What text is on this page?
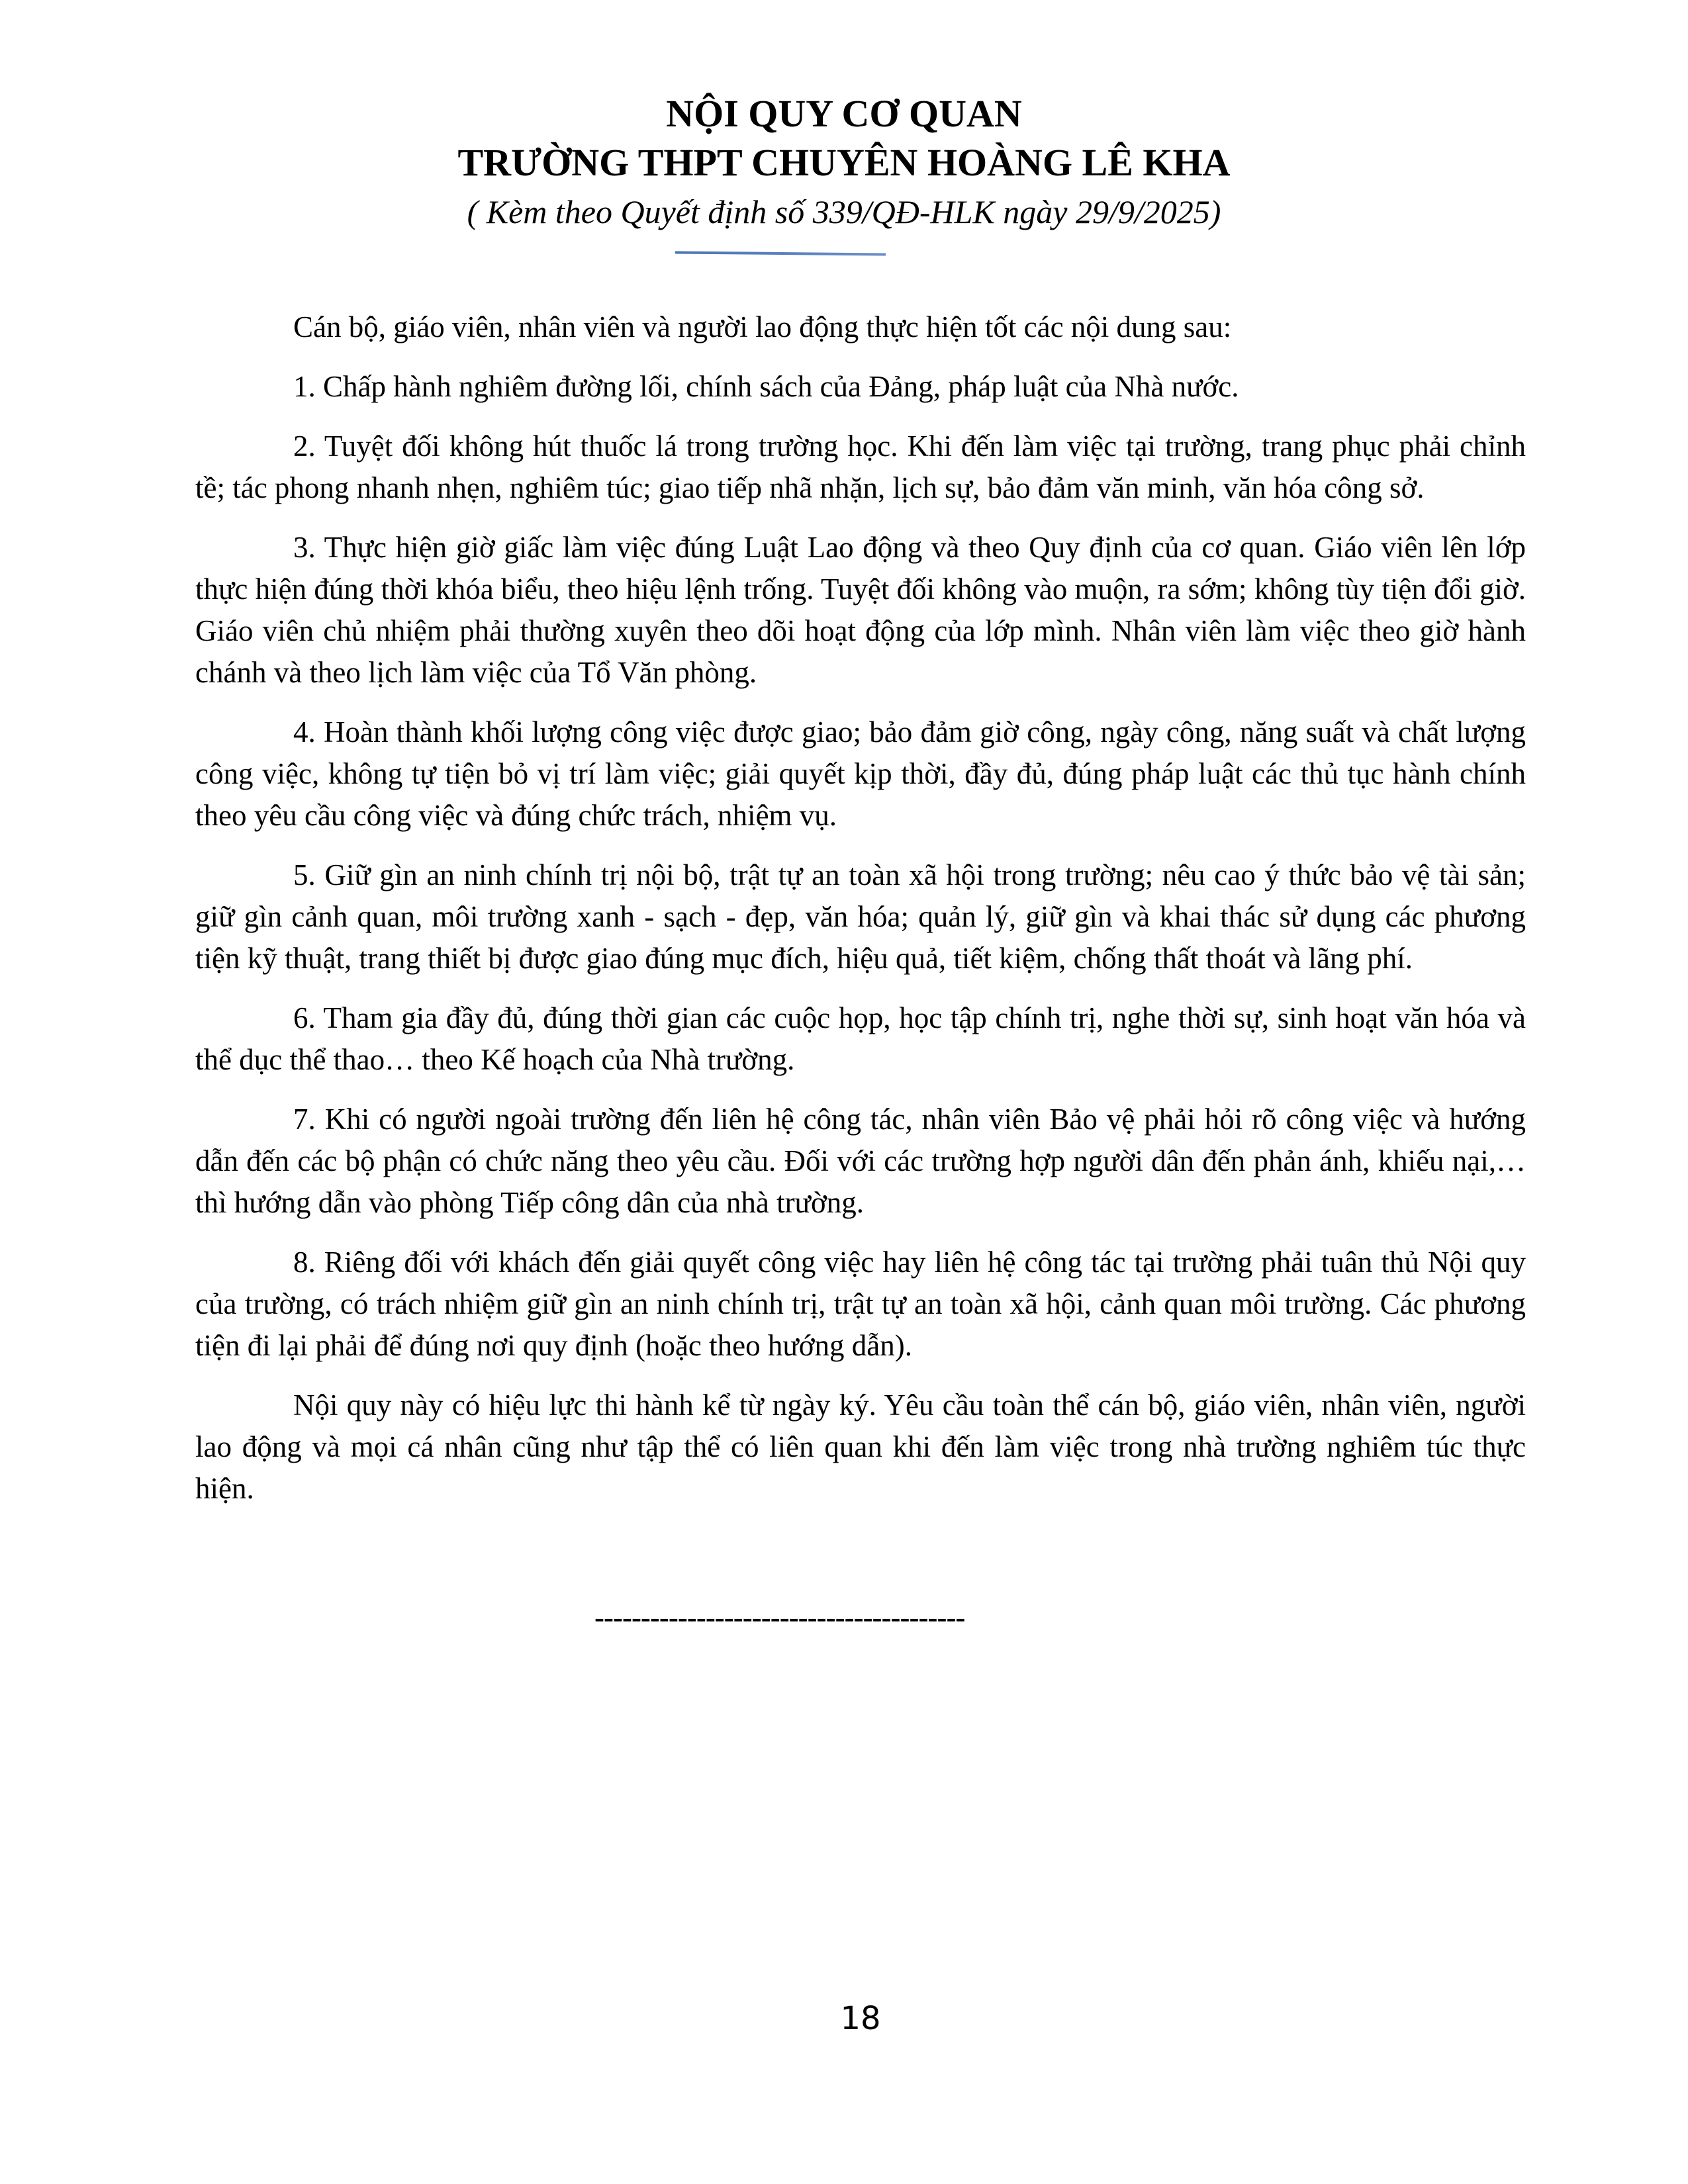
NỘI QUY CƠ QUAN
TRƯỜNG THPT CHUYÊN HOÀNG LÊ KHA
( Kèm theo Quyết định số 339/QĐ-HLK ngày 29/9/2025)

Cán bộ, giáo viên, nhân viên và người lao động thực hiện tốt các nội dung sau:

1. Chấp hành nghiêm đường lối, chính sách của Đảng, pháp luật của Nhà nước.

2. Tuyệt đối không hút thuốc lá trong trường học. Khi đến làm việc tại trường, trang phục phải chỉnh tề; tác phong nhanh nhẹn, nghiêm túc; giao tiếp nhã nhặn, lịch sự, bảo đảm văn minh, văn hóa công sở.

3. Thực hiện giờ giấc làm việc đúng Luật Lao động và theo Quy định của cơ quan. Giáo viên lên lớp thực hiện đúng thời khóa biểu, theo hiệu lệnh trống. Tuyệt đối không vào muộn, ra sớm; không tùy tiện đổi giờ. Giáo viên chủ nhiệm phải thường xuyên theo dõi hoạt động của lớp mình. Nhân viên làm việc theo giờ hành chánh và theo lịch làm việc của Tổ Văn phòng.

4. Hoàn thành khối lượng công việc được giao; bảo đảm giờ công, ngày công, năng suất và chất lượng công việc, không tự tiện bỏ vị trí làm việc; giải quyết kịp thời, đầy đủ, đúng pháp luật các thủ tục hành chính theo yêu cầu công việc và đúng chức trách, nhiệm vụ.

5. Giữ gìn an ninh chính trị nội bộ, trật tự an toàn xã hội trong trường; nêu cao ý thức bảo vệ tài sản; giữ gìn cảnh quan, môi trường xanh - sạch - đẹp, văn hóa; quản lý, giữ gìn và khai thác sử dụng các phương tiện kỹ thuật, trang thiết bị được giao đúng mục đích, hiệu quả, tiết kiệm, chống thất thoát và lãng phí.

6. Tham gia đầy đủ, đúng thời gian các cuộc họp, học tập chính trị, nghe thời sự, sinh hoạt văn hóa và thể dục thể thao… theo Kế hoạch của Nhà trường.

7. Khi có người ngoài trường đến liên hệ công tác, nhân viên Bảo vệ phải hỏi rõ công việc và hướng dẫn đến các bộ phận có chức năng theo yêu cầu. Đối với các trường hợp người dân đến phản ánh, khiếu nại,…thì hướng dẫn vào phòng Tiếp công dân của nhà trường.

8. Riêng đối với khách đến giải quyết công việc hay liên hệ công tác tại trường phải tuân thủ Nội quy của trường, có trách nhiệm giữ gìn an ninh chính trị, trật tự an toàn xã hội, cảnh quan môi trường. Các phương tiện đi lại phải để đúng nơi quy định (hoặc theo hướng dẫn).

Nội quy này có hiệu lực thi hành kể từ ngày ký. Yêu cầu toàn thể cán bộ, giáo viên, nhân viên, người lao động và mọi cá nhân cũng như tập thể có liên quan khi đến làm việc trong nhà trường nghiêm túc thực hiện.

----------------------------------------
18
